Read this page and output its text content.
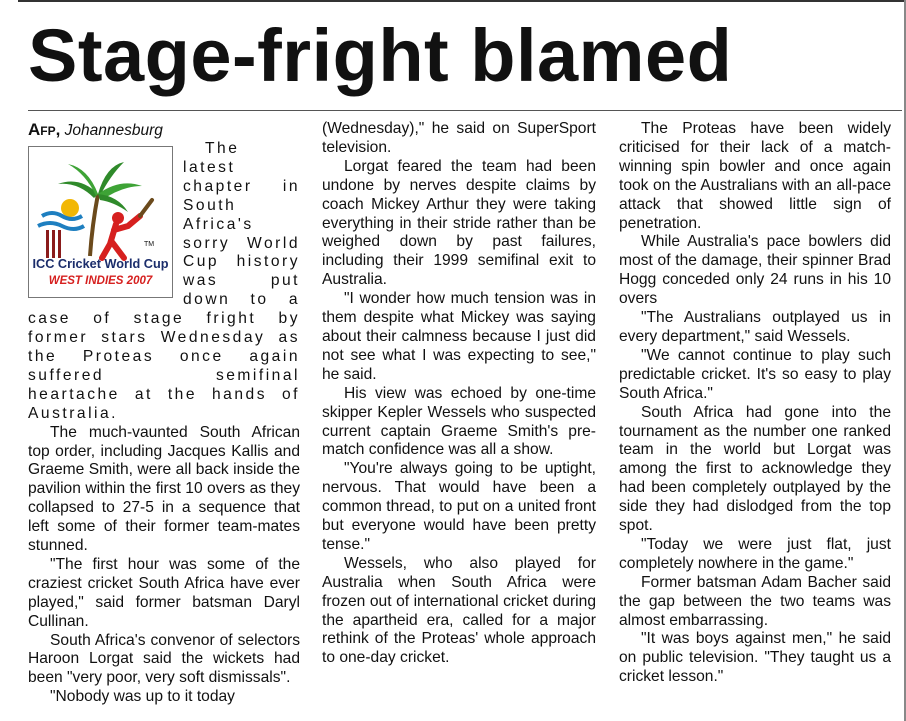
Stage-fright blamed

Afp, Johannesburg

TM
ICC Cricket World Cup
WEST INDIES 2007

The latest chapter in South Africa's sorry World Cup history was put down to a case of stage fright by former stars Wednesday as the Proteas once again suffered semifinal heartache at the hands of Australia.

The much-vaunted South African top order, including Jacques Kallis and Graeme Smith, were all back inside the pavilion within the first 10 overs as they collapsed to 27-5 in a sequence that left some of their former team-mates stunned.

"The first hour was some of the craziest cricket South Africa have ever played," said former batsman Daryl Cullinan.

South Africa's convenor of selectors Haroon Lorgat said the wickets had been "very poor, very soft dismissals".

"Nobody was up to it today

(Wednesday)," he said on SuperSport television.

Lorgat feared the team had been undone by nerves despite claims by coach Mickey Arthur they were taking everything in their stride rather than be weighed down by past failures, including their 1999 semifinal exit to Australia.

"I wonder how much tension was in them despite what Mickey was saying about their calmness because I just did not see what I was expecting to see," he said.

His view was echoed by one-time skipper Kepler Wessels who suspected current captain Graeme Smith's pre-match confidence was all a show.

"You're always going to be uptight, nervous. That would have been a common thread, to put on a united front but everyone would have been pretty tense."

Wessels, who also played for Australia when South Africa were frozen out of international cricket during the apartheid era, called for a major rethink of the Proteas' whole approach to one-day cricket.

The Proteas have been widely criticised for their lack of a match-winning spin bowler and once again took on the Australians with an all-pace attack that showed little sign of penetration.

While Australia's pace bowlers did most of the damage, their spinner Brad Hogg conceded only 24 runs in his 10 overs

"The Australians outplayed us in every department," said Wessels.

"We cannot continue to play such predictable cricket. It's so easy to play South Africa."

South Africa had gone into the tournament as the number one ranked team in the world but Lorgat was among the first to acknowledge they had been completely outplayed by the side they had dislodged from the top spot.

"Today we were just flat, just completely nowhere in the game."

Former batsman Adam Bacher said the gap between the two teams was almost embarrassing.

"It was boys against men," he said on public television. "They taught us a cricket lesson."
